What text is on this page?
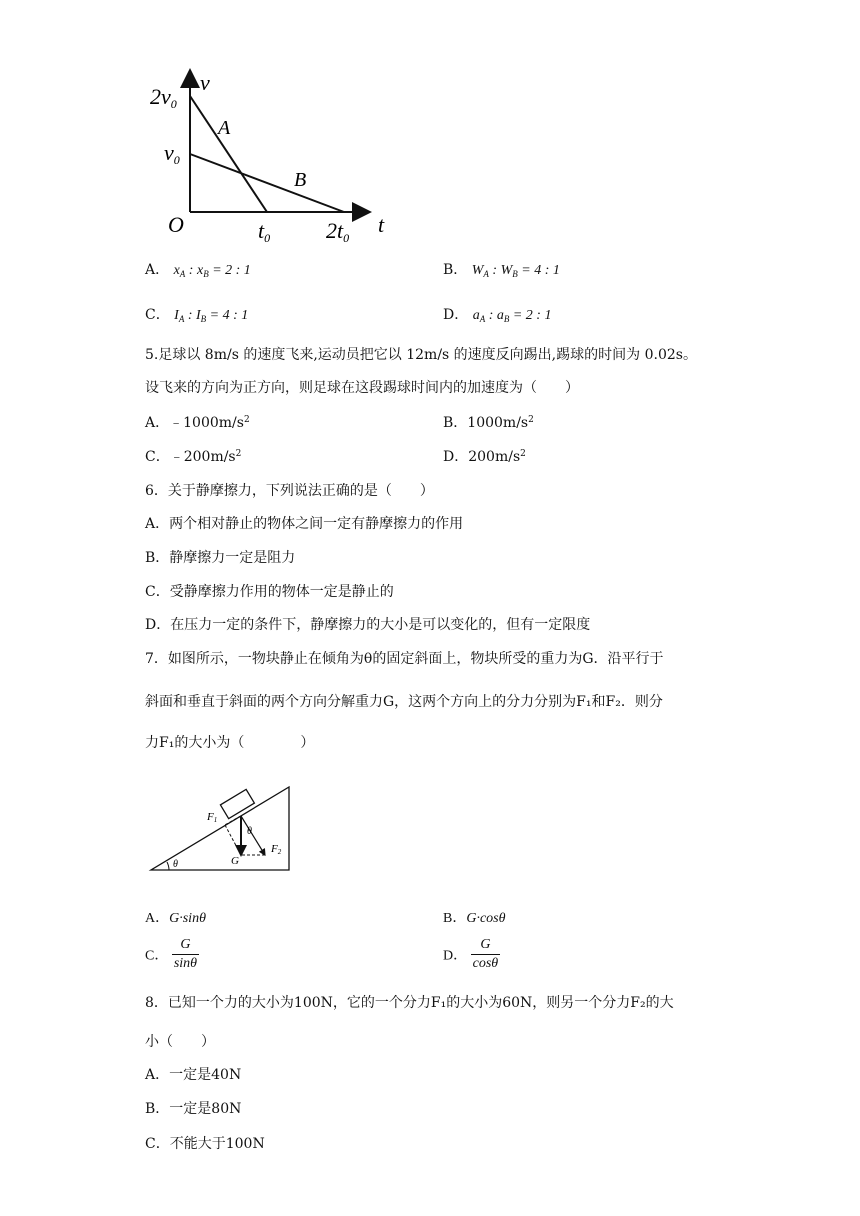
v
t
O
2v0
v0
t0	2t0
A
B
A． $x_A$ : $x_B = 2$ : 1	B． $W_A$ : $W_B = 4$ : 1
C． $I_A$ : $I_B = 4$ : 1	D． $a_A$ : $a_B = 2$ : 1
5.足球以 8m/s 的速度飞来,运动员把它以 12m/s 的速度反向踢出,踢球的时间为 0.02s。
设飞来的方向为正方向，则足球在这段踢球时间内的加速度为（　　）
A．$﹣1000m/s^2$	B．$1000m/s^2$
C．$﹣200m/s^2$	D．$200m/s^2$
6．关于静摩擦力，下列说法正确的是（　　）
A．两个相对静止的物体之间一定有静摩擦力的作用
B．静摩擦力一定是阻力
C．受静摩擦力作用的物体一定是静止的
D．在压力一定的条件下，静摩擦力的大小是可以变化的，但有一定限度
7．如图所示，一物块静止在倾角为θ的固定斜面上，物块所受的重力为G．沿平行于
斜面和垂直于斜面的两个方向分解重力G，这两个方向上的分力分别为F₁和F₂．则分
力F₁的大小为（　　　　）
F1
F2
θ
θ	G
A．G·sinθ	B．G·cosθ
C． $\frac{G}{\sin\theta}$	D． $\frac{G}{\cos\theta}$
8．已知一个力的大小为100N，它的一个分力F₁的大小为60N，则另一个分力F₂的大
小（　　）
A．一定是40N
B．一定是80N
C．不能大于100N
